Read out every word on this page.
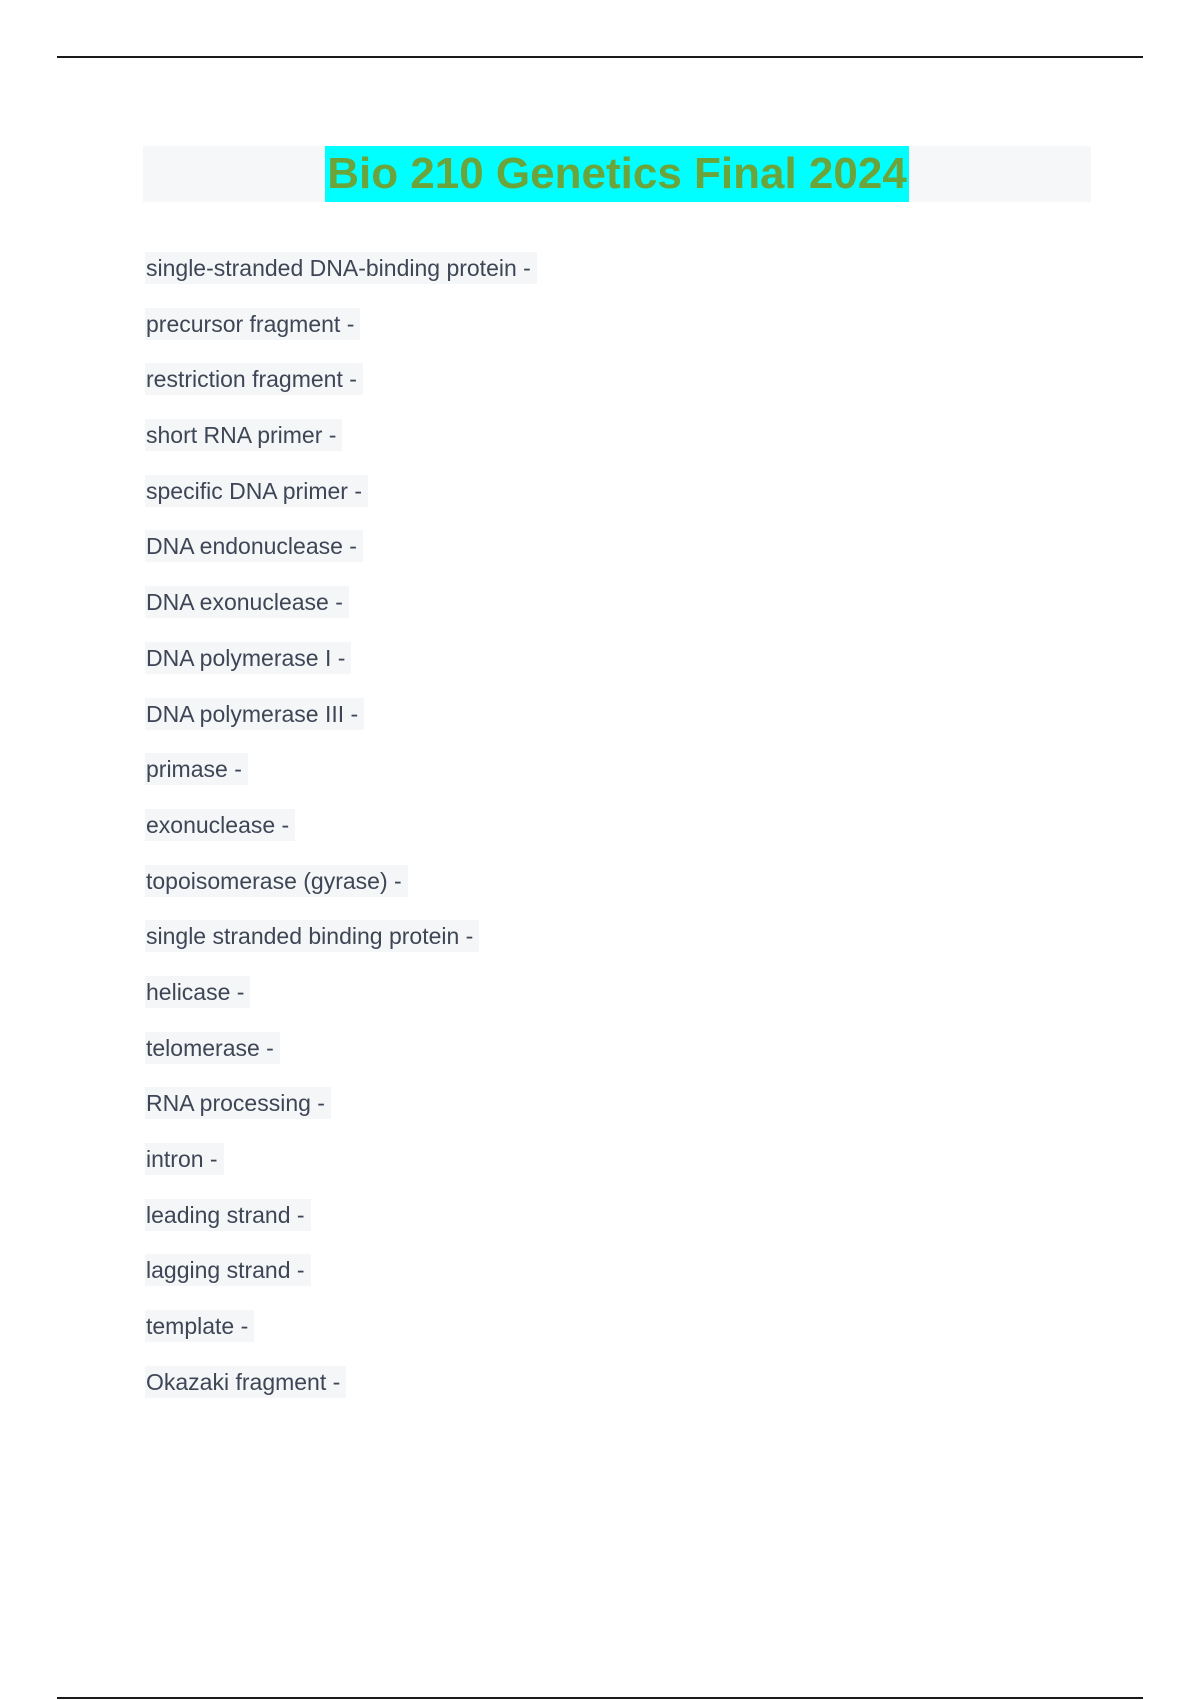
Bio 210 Genetics Final 2024
single-stranded DNA-binding protein -
precursor fragment -
restriction fragment -
short RNA primer -
specific DNA primer -
DNA endonuclease -
DNA exonuclease -
DNA polymerase I -
DNA polymerase III -
primase -
exonuclease -
topoisomerase (gyrase) -
single stranded binding protein -
helicase -
telomerase -
RNA processing -
intron -
leading strand -
lagging strand -
template -
Okazaki fragment -
